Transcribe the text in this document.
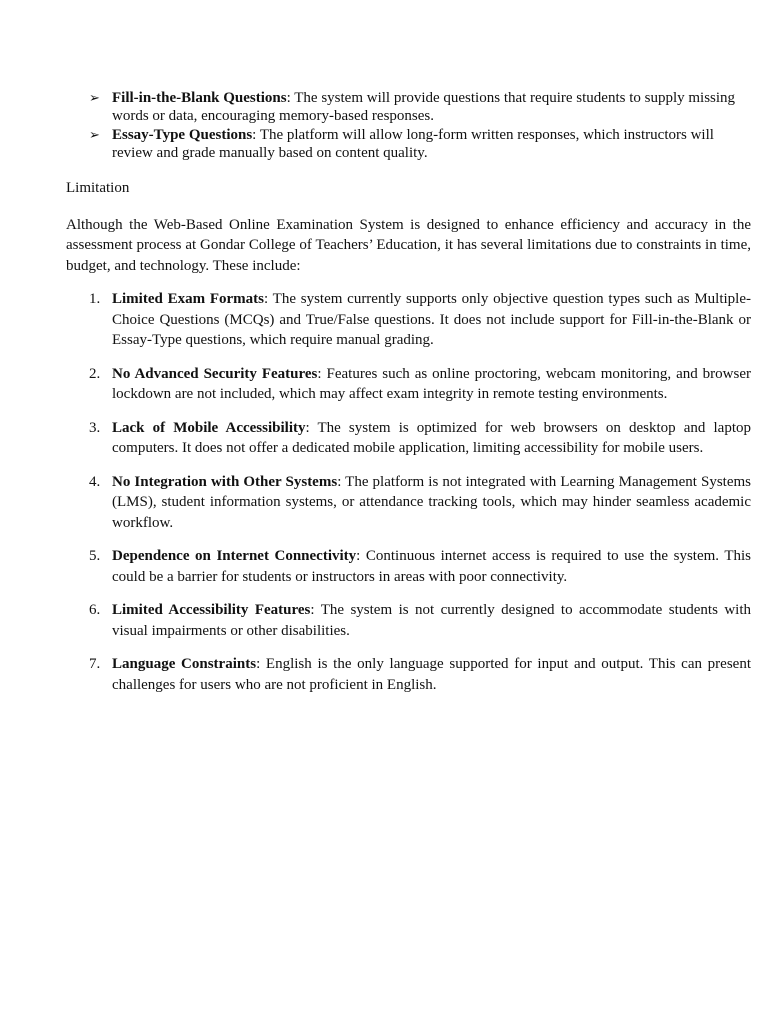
➢ Fill-in-the-Blank Questions: The system will provide questions that require students to supply missing words or data, encouraging memory-based responses.
➢ Essay-Type Questions: The platform will allow long-form written responses, which instructors will review and grade manually based on content quality.
Limitation

Although the Web-Based Online Examination System is designed to enhance efficiency and accuracy in the assessment process at Gondar College of Teachers’ Education, it has several limitations due to constraints in time, budget, and technology. These include:

1. Limited Exam Formats: The system currently supports only objective question types such as Multiple-Choice Questions (MCQs) and True/False questions. It does not include support for Fill-in-the-Blank or Essay-Type questions, which require manual grading.
2. No Advanced Security Features: Features such as online proctoring, webcam monitoring, and browser lockdown are not included, which may affect exam integrity in remote testing environments.
3. Lack of Mobile Accessibility: The system is optimized for web browsers on desktop and laptop computers. It does not offer a dedicated mobile application, limiting accessibility for mobile users.
4. No Integration with Other Systems: The platform is not integrated with Learning Management Systems (LMS), student information systems, or attendance tracking tools, which may hinder seamless academic workflow.
5. Dependence on Internet Connectivity: Continuous internet access is required to use the system. This could be a barrier for students or instructors in areas with poor connectivity.
6. Limited Accessibility Features: The system is not currently designed to accommodate students with visual impairments or other disabilities.
7. Language Constraints: English is the only language supported for input and output. This can present challenges for users who are not proficient in English.
